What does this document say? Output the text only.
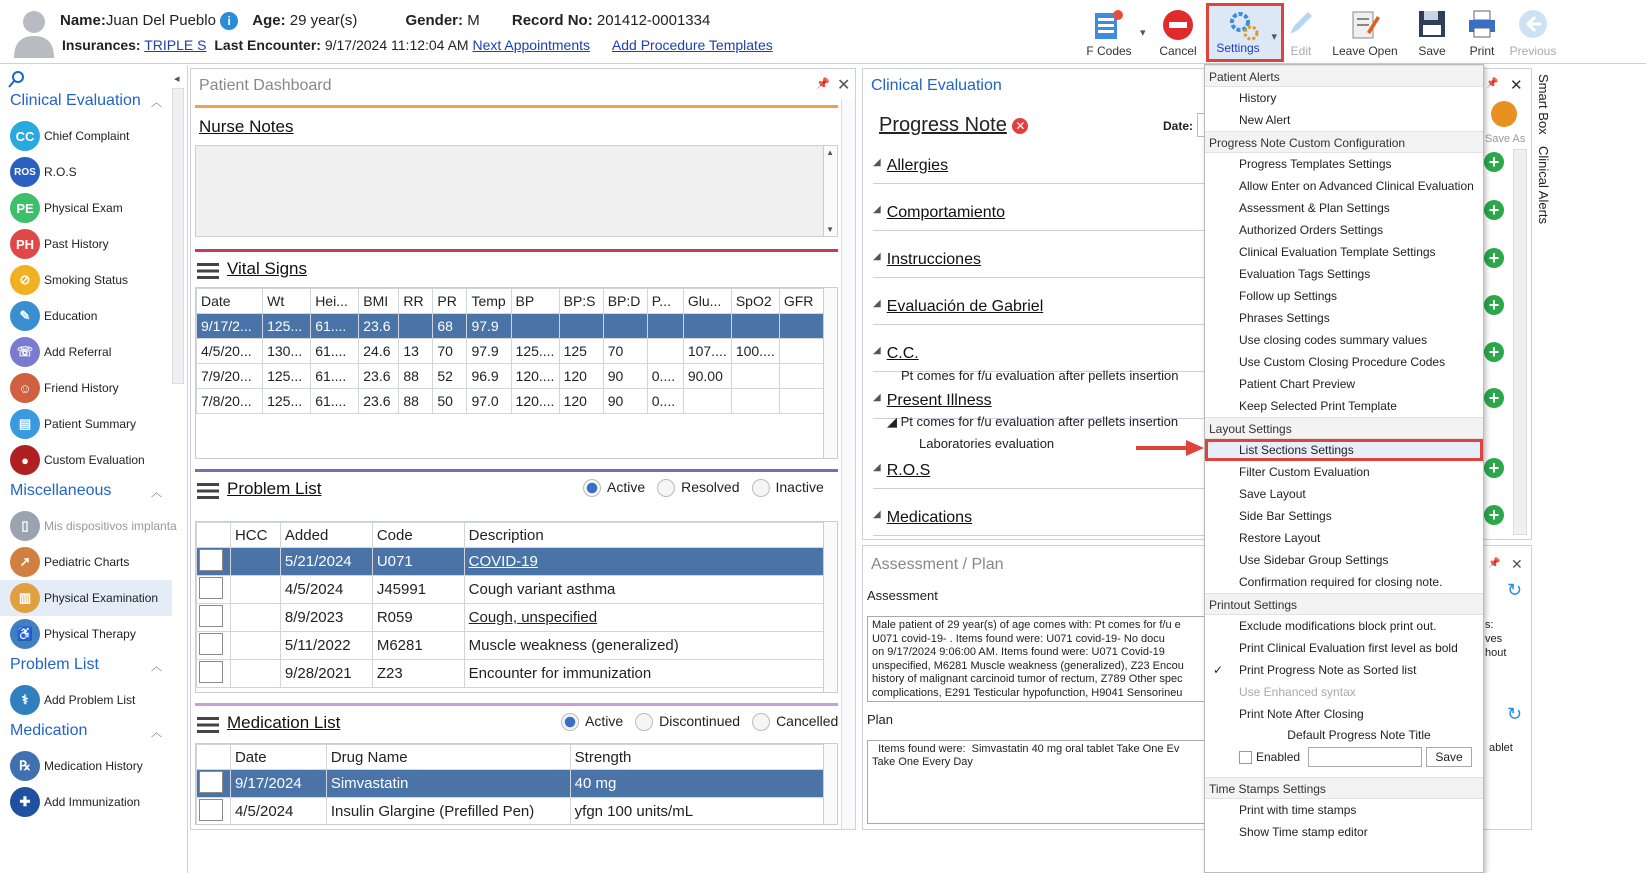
Name:Juan Del Pueblo i Age: 29 year(s)	Gender: M Record No: 201412-0001334
Insurances: TRIPLE S Last Encounter: 9/17/2024 11:12:04 AM Next Appointments Add Procedure Templates	F Codes
▾
Cancel	Settings
▾
Edit	Leave Open	Save	Print	Previous
◂
Clinical Evaluation ︿
CC Chief Complaint
ROS R.O.S
PE Physical Exam
PH Past History
⊘	Smoking Status
✎	Education
☏ Add Referral
☺	Friend History
▤	Patient Summary
●	Custom Evaluation
Miscellaneous	︿
▯	Mis dispositivos implanta
↗	Pediatric Charts
▥	Physical Examination
♿ Physical Therapy
Problem List	︿
⚕	Add Problem List
Medication	︿
℞	Medication History
✚	Add Immunization
Patient Dashboard	📌 ✕
Nurse Notes
▲
▼
Vital Signs
Date	Wt	Hei...	BMI	RR	PR	Temp	BP	BP:S	BP:D	P...	Glu...	SpO2	GFR
9/17/2...	125...	61....	23.6		68	97.9							
4/5/20...	130...	61....	24.6	13	70	97.9	125....	125	70		107....	100....	
7/9/20...	125...	61....	23.6	88	52	96.9	120....	120	90	0....	90.00		
7/8/20...	125...	61....	23.6	88	50	97.0	120....	120	90	0....			
Problem List	Active	Resolved	Inactive
	HCC	Added	Code	Description
		5/21/2024	U071	COVID-19
		4/5/2024	J45991	Cough variant asthma
		8/9/2023	R059	Cough, unspecified
		5/11/2022	M6281	Muscle weakness (generalized)
		9/28/2021	Z23	Encounter for immunization
Medication List	Active	Discontinued	Cancelled
	Date	Drug Name	Strength
	9/17/2024	Simvastatin	40 mg
	4/5/2024	Insulin Glargine (Prefilled Pen)	yfgn 100 units/mL
Clinical Evaluation
Progress Note ✕	Date:
Save As
◢ Allergies
◢ Comportamiento
◢ Instrucciones
◢ Evaluación de Gabriel
◢ C.C.
Pt comes for f/u evaluation after pellets insertion
◢ Present Illness
◢ Pt comes for f/u evaluation after pellets insertion
Laboratories evaluation
◢ R.O.S
◢ Medications
Assessment / Plan
Assessment
Male patient of 29 year(s) of age comes with: Pt comes for f/u e
U071 covid-19- . Items found were: U071 covid-19- No docu
on 9/17/2024 9:06:00 AM. Items found were: U071 Covid-19
unspecified, M6281 Muscle weakness (generalized), Z23 Encou
history of malignant carcinoid tumor of rectum, Z789 Other spec
complications, E291 Testicular hypofunction, H9041 Sensorineu
s:
ves
hout
Plan
Items found were:  Simvastatin 40 mg oral tablet Take One Ev
Take One Every Day
ablet
↻
↻
📌 ✕
📌 ✕
+
+
+
+
+
+
+
+
Smart Box
Clinical Alerts
Patient Alerts
History
New Alert
Progress Note Custom Configuration
Progress Templates Settings
Allow Enter on Advanced Clinical Evaluation
Assessment & Plan Settings
Authorized Orders Settings
Clinical Evaluation Template Settings
Evaluation Tags Settings
Follow up Settings
Phrases Settings
Use closing codes summary values
Use Custom Closing Procedure Codes
Patient Chart Preview
Keep Selected Print Template
Layout Settings
List Sections Settings
Filter Custom Evaluation
Save Layout
Side Bar Settings
Restore Layout
Use Sidebar Group Settings
Confirmation required for closing note.
Printout Settings
Exclude modifications block print out.
Print Clinical Evaluation first level as bold
✓ Print Progress Note as Sorted list
Use Enhanced syntax
Print Note After Closing
Default Progress Note Title
Enabled	Save
Time Stamps Settings
Print with time stamps
Show Time stamp editor
